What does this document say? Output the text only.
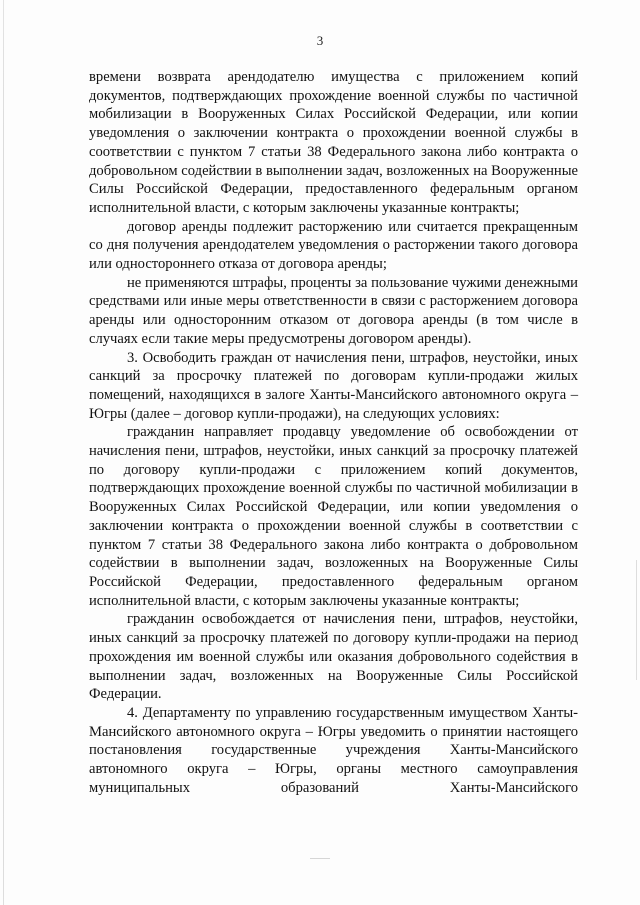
3

времени возврата арендодателю имущества с приложением копий документов, подтверждающих прохождение военной службы по частичной мобилизации в Вооруженных Силах Российской Федерации, или копии уведомления о заключении контракта о прохождении военной службы в соответствии с пунктом 7 статьи 38 Федерального закона либо контракта о добровольном содействии в выполнении задач, возложенных на Вооруженные Силы Российской Федерации, предоставленного федеральным органом исполнительной власти, с которым заключены указанные контракты;

договор аренды подлежит расторжению или считается прекращенным со дня получения арендодателем уведомления о расторжении такого договора или одностороннего отказа от договора аренды;

не применяются штрафы, проценты за пользование чужими денежными средствами или иные меры ответственности в связи с расторжением договора аренды или односторонним отказом от договора аренды (в том числе в случаях если такие меры предусмотрены договором аренды).

3. Освободить граждан от начисления пени, штрафов, неустойки, иных санкций за просрочку платежей по договорам купли-продажи жилых помещений, находящихся в залоге Ханты-Мансийского автономного округа – Югры (далее – договор купли-продажи), на следующих условиях:

гражданин направляет продавцу уведомление об освобождении от начисления пени, штрафов, неустойки, иных санкций за просрочку платежей по договору купли-продажи с приложением копий документов, подтверждающих прохождение военной службы по частичной мобилизации в Вооруженных Силах Российской Федерации, или копии уведомления о заключении контракта о прохождении военной службы в соответствии с пунктом 7 статьи 38 Федерального закона либо контракта о добровольном содействии в выполнении задач, возложенных на Вооруженные Силы Российской Федерации, предоставленного федеральным органом исполнительной власти, с которым заключены указанные контракты;

гражданин освобождается от начисления пени, штрафов, неустойки, иных санкций за просрочку платежей по договору купли-продажи на период прохождения им военной службы или оказания добровольного содействия в выполнении задач, возложенных на Вооруженные Силы Российской Федерации.

4. Департаменту по управлению государственным имуществом Ханты-Мансийского автономного округа – Югры уведомить о принятии настоящего постановления государственные учреждения Ханты-Мансийского автономного округа – Югры, органы местного самоуправления муниципальных образований Ханты-Мансийского
